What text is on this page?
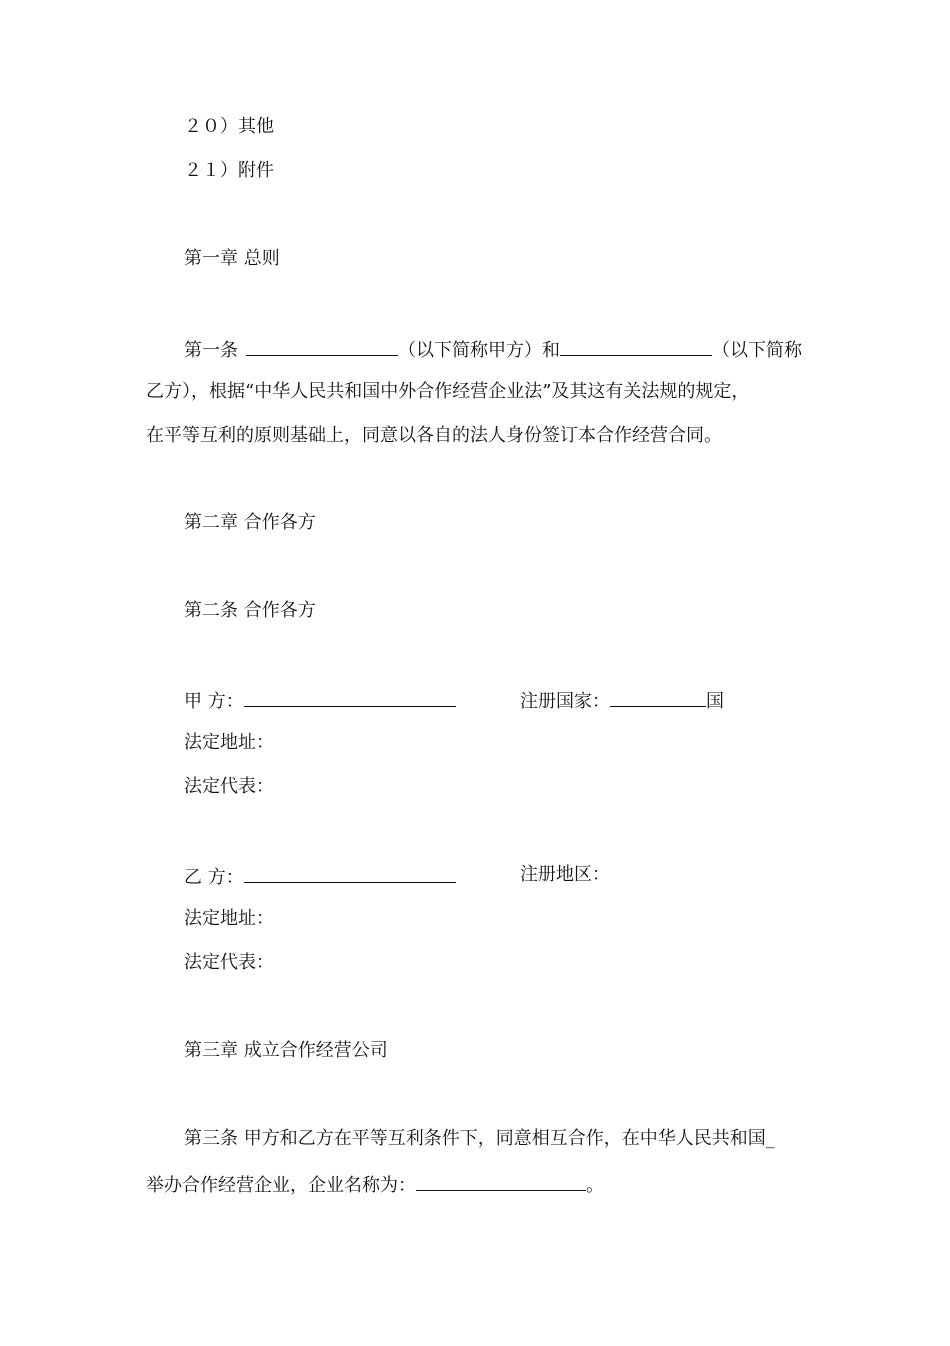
２０）其他
２１）附件
第一章 总则
第一条	（以下简称甲方）和	（以下简称
乙方），根据“中华人民共和国中外合作经营企业法”及其这有关法规的规定，
在平等互利的原则基础上，同意以各自的法人身份签订本合作经营合同。
第二章 合作各方
第二条 合作各方
甲 方：	注册国家：	国
法定地址：
法定代表：
乙 方：	注册地区：
法定地址：
法定代表：
第三章 成立合作经营公司
第三条 甲方和乙方在平等互利条件下，同意相互合作，在中华人民共和国_
举办合作经营企业，企业名称为：	。
